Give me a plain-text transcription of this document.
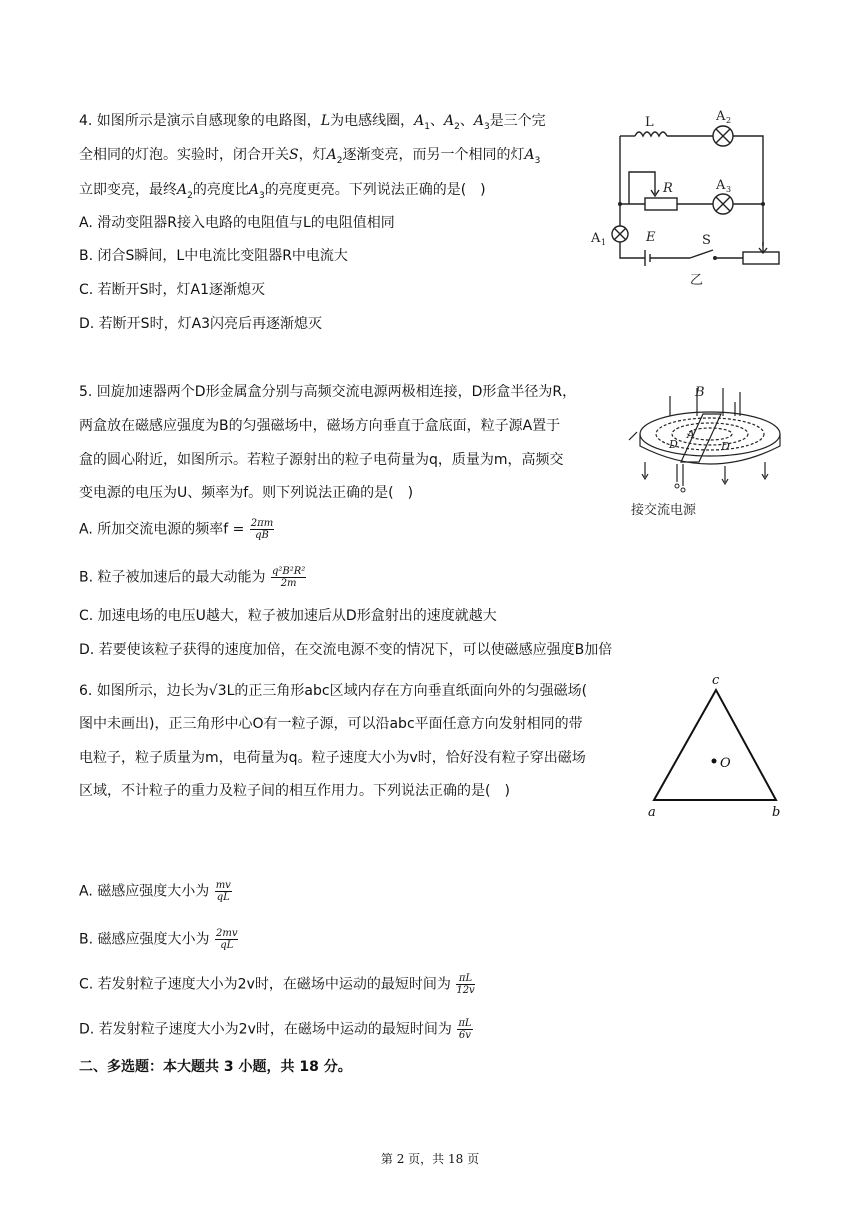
4. 如图所示是演示自感现象的电路图，L为电感线圈，$A_1$、$A_2$、$A_3$是三个完
全相同的灯泡。实验时，闭合开关S，灯$A_2$逐渐变亮，而另一个相同的灯$A_3$
立即变亮，最终$A_2$的亮度比$A_3$的亮度更亮。下列说法正确的是(　)
A. 滑动变阻器R接入电路的电阻值与L的电阻值相同
B. 闭合S瞬间，L中电流比变阻器R中电流大
C. 若断开S时，灯A1逐渐熄灭
D. 若断开S时，灯A3闪亮后再逐渐熄灭
L	A 2
R	A 3
A 1	E	S
乙
5. 回旋加速器两个D形金属盒分别与高频交流电源两极相连接，D形盒半径为R，
两盒放在磁感应强度为B的匀强磁场中，磁场方向垂直于盒底面，粒子源A置于
盒的圆心附近，如图所示。若粒子源射出的粒子电荷量为q，质量为m，高频交
变电源的电压为U、频率为f。则下列说法正确的是(　)
A. 所加交流电源的频率$f = \frac{2\pi m}{qB}$
B. 粒子被加速后的最大动能为 $\frac{\text{q²B²R²}}{2m}$
C. 加速电场的电压U越大，粒子被加速后从D形盒射出的速度就越大
D. 若要使该粒子获得的速度加倍，在交流电源不变的情况下，可以使磁感应强度B加倍
B
A
D	D
接交流电源
6. 如图所示，边长为√3L的正三角形abc区域内存在方向垂直纸面向外的匀强磁场(
图中未画出)，正三角形中心O有一粒子源，可以沿abc平面任意方向发射相同的带
电粒子，粒子质量为m，电荷量为q。粒子速度大小为v时，恰好没有粒子穿出磁场
区域，不计粒子的重力及粒子间的相互作用力。下列说法正确的是(　)
c
a	b
O
A. 磁感应强度大小为 $\frac{mv}{qL}$
B. 磁感应强度大小为 $\frac{2mv}{qL}$
C. 若发射粒子速度大小为2v时，在磁场中运动的最短时间为 $\frac{\pi L}{12v}$
D. 若发射粒子速度大小为2v时，在磁场中运动的最短时间为 $\frac{\pi L}{6v}$
二、多选题：本大题共 3 小题，共 18 分。
第 2 页，共 18 页
